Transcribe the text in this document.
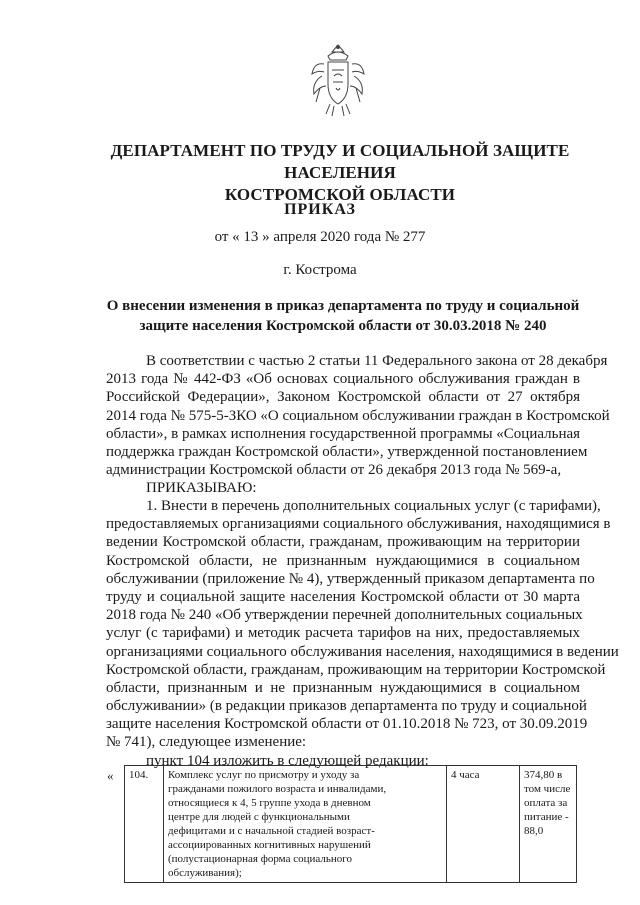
ДЕПАРТАМЕНТ ПО ТРУДУ И СОЦИАЛЬНОЙ ЗАЩИТЕ НАСЕЛЕНИЯ
КОСТРОМСКОЙ ОБЛАСТИ
ПРИКАЗ
от « 13 » апреля 2020 года № 277
г. Кострома
О внесении изменения в приказ департамента по труду и социальной
защите населения Костромской области от 30.03.2018 № 240
В соответствии с частью 2 статьи 11 Федерального закона от 28 декабря
2013 года № 442-ФЗ «Об основах социального обслуживания граждан в
Российской Федерации», Законом Костромской области от 27 октября
2014 года № 575-5-ЗКО «О социальном обслуживании граждан в Костромской
области», в рамках исполнения государственной программы «Социальная
поддержка граждан Костромской области», утвержденной постановлением
администрации Костромской области от 26 декабря 2013 года № 569-а,
ПРИКАЗЫВАЮ:
1. Внести в перечень дополнительных социальных услуг (с тарифами),
предоставляемых организациями социального обслуживания, находящимися в
ведении Костромской области, гражданам, проживающим на территории
Костромской области, не признанным нуждающимися в социальном
обслуживании (приложение № 4), утвержденный приказом департамента по
труду и социальной защите населения Костромской области от 30 марта
2018 года № 240 «Об утверждении перечней дополнительных социальных
услуг (с тарифами) и методик расчета тарифов на них, предоставляемых
организациями социального обслуживания населения, находящимися в ведении
Костромской области, гражданам, проживающим на территории Костромской
области, признанным и не признанным нуждающимися в социальном
обслуживании» (в редакции приказов департамента по труду и социальной
защите населения Костромской области от 01.10.2018 № 723, от 30.09.2019
№ 741), следующее изменение:
пункт 104 изложить в следующей редакции:
« 104.	Комплекс услуг по присмотру и уходу за
гражданами пожилого возраста и инвалидами,
относящиеся к 4, 5 группе ухода в дневном
центре для людей с функциональными
дефицитами и с начальной стадией возраст-
ассоциированных когнитивных нарушений
(полустационарная форма социального
обслуживания);
	4 часа	374,80 в
том числе
оплата за
питание -
88,0
